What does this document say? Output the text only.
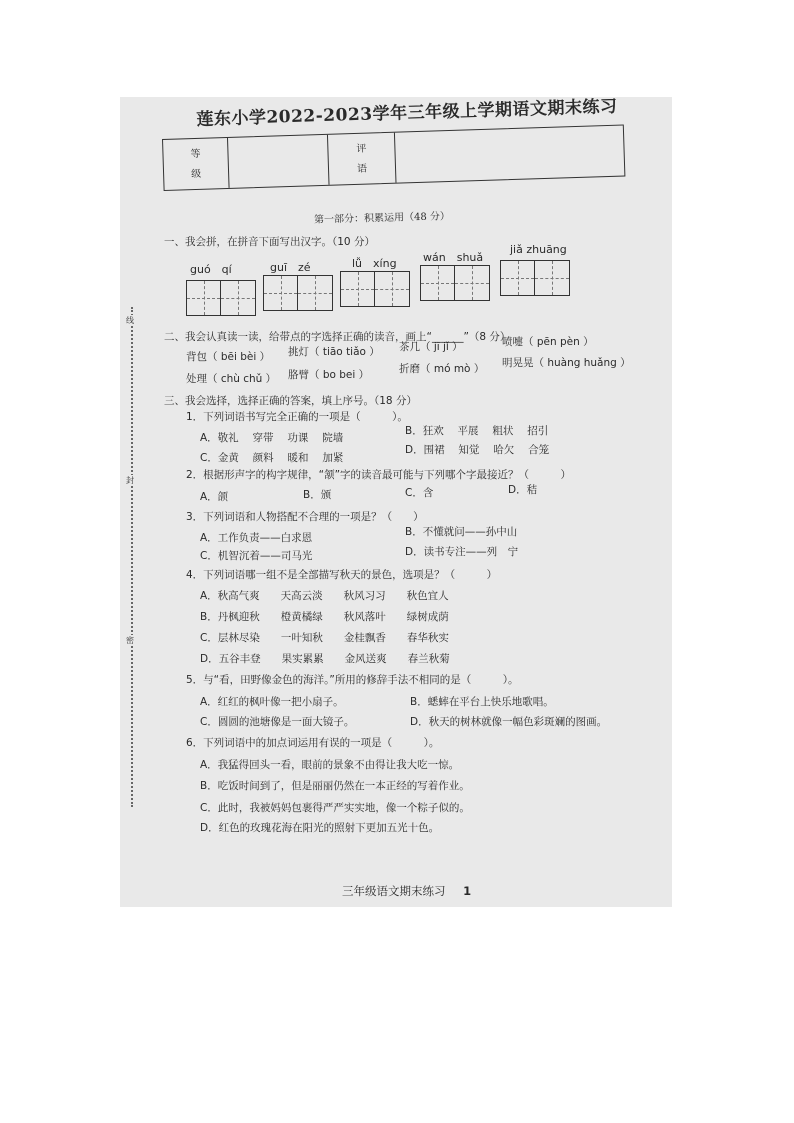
莲东小学2022-2023学年三年级上学期语文期末练习
等
级
评
语
第一部分：积累运用（48 分）
一、我会拼，在拼音下面写出汉字。（10 分）
guó　qí	guī　zé	lǚ　xíng wán　shuǎ
jiǎ zhuāng
二、我会认真读一读，给带点的字选择正确的读音，画上“______”（8 分）
背包（ bēi bèi ） 挑灯（ tiāo tiǎo ） 茶几（ jī jǐ ）	喷嚏（ pēn pèn ）
处理（ chù chǔ ） 胳臂（ bo bei ）	折磨（ mó mò ） 明晃晃（ huàng huǎng ）
三、我会选择，选择正确的答案，填上序号。（18 分）
1．下列词语书写完全正确的一项是（　　　）。
A．敬礼　 穿带　 功课　 院墙
B．狂欢　 平展　 粗状　 招引
C．金黄　 颜料　 暖和　 加紧
D．围裙　 知觉　 哈欠　 合笼
2．根据形声字的构字规律，“颔”字的读音最可能与下列哪个字最接近？（　　　）
A．颌	B．颁	C．含	D．秸
3．下列词语和人物搭配不合理的一项是？（　　）
A．工作负责——白求恩	B．不懂就问——孙中山
C．机智沉着——司马光	D．读书专注——列　宁
4．下列词语哪一组不是全部描写秋天的景色，选项是？（　　　）
A．秋高气爽　　天高云淡　　秋风习习　　秋色宜人
B．丹枫迎秋　　橙黄橘绿　　秋风落叶　　绿树成荫
C．层林尽染　　一叶知秋　　金桂飘香　　春华秋实
D．五谷丰登　　果实累累　　金风送爽　　春兰秋菊
5．与“看，田野像金色的海洋。”所用的修辞手法不相同的是（　　　）。
A．红红的枫叶像一把小扇子。	B．蟋蟀在平台上快乐地歌唱。
C．圆圆的池塘像是一面大镜子。	D．秋天的树林就像一幅色彩斑斓的图画。
6．下列词语中的加点词运用有误的一项是（　　　）。
A．我猛得回头一看，眼前的景象不由得让我大吃一惊。
B．吃饭时间到了，但是丽丽仍然在一本正经的写着作业。
C．此时，我被妈妈包裹得严严实实地，像一个粽子似的。
D．红色的玫瑰花海在阳光的照射下更加五光十色。
线
封
密
三年级语文期末练习 1
